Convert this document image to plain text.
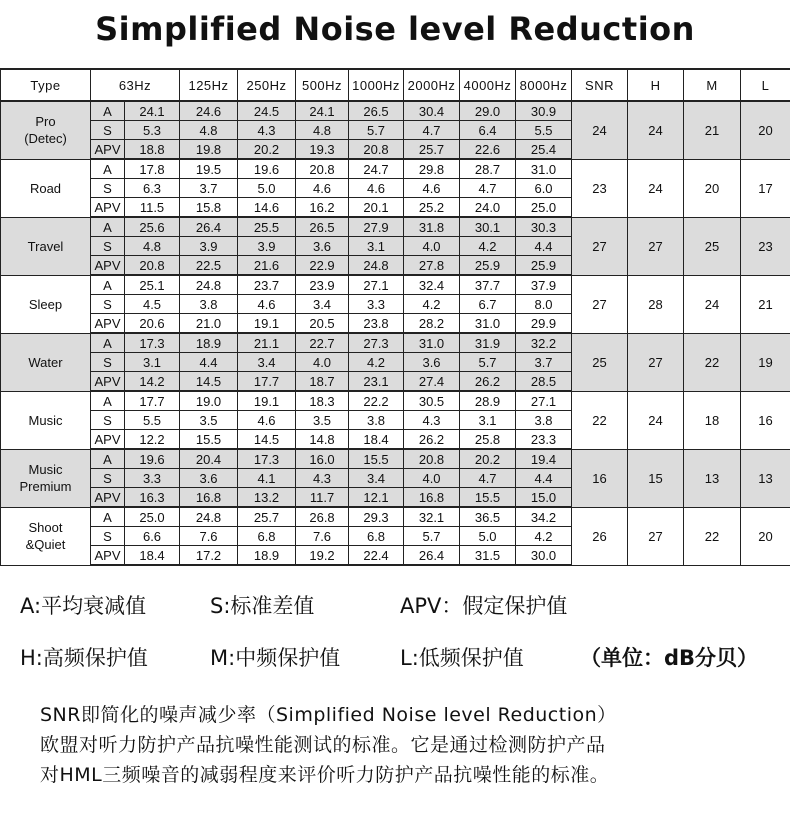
Simplified Noise level Reduction
Type	63Hz		125Hz	250Hz	500Hz	1000Hz	2000Hz	4000Hz	8000Hz	SNR	H	M	L
Pro
(Detec)	A	24.1	24.6	24.5	24.1	26.5	30.4	29.0	30.9	24	24	21	20
	S	5.3	4.8	4.3	4.8	5.7	4.7	6.4	5.5				
	APV	18.8	19.8	20.2	19.3	20.8	25.7	22.6	25.4				
Road	A	17.8	19.5	19.6	20.8	24.7	29.8	28.7	31.0	23	24	20	17
	S	6.3	3.7	5.0	4.6	4.6	4.6	4.7	6.0				
	APV	11.5	15.8	14.6	16.2	20.1	25.2	24.0	25.0				
Travel	A	25.6	26.4	25.5	26.5	27.9	31.8	30.1	30.3	27	27	25	23
	S	4.8	3.9	3.9	3.6	3.1	4.0	4.2	4.4				
	APV	20.8	22.5	21.6	22.9	24.8	27.8	25.9	25.9				
Sleep	A	25.1	24.8	23.7	23.9	27.1	32.4	37.7	37.9	27	28	24	21
	S	4.5	3.8	4.6	3.4	3.3	4.2	6.7	8.0				
	APV	20.6	21.0	19.1	20.5	23.8	28.2	31.0	29.9				
Water	A	17.3	18.9	21.1	22.7	27.3	31.0	31.9	32.2	25	27	22	19
	S	3.1	4.4	3.4	4.0	4.2	3.6	5.7	3.7				
	APV	14.2	14.5	17.7	18.7	23.1	27.4	26.2	28.5				
Music	A	17.7	19.0	19.1	18.3	22.2	30.5	28.9	27.1	22	24	18	16
	S	5.5	3.5	4.6	3.5	3.8	4.3	3.1	3.8				
	APV	12.2	15.5	14.5	14.8	18.4	26.2	25.8	23.3				
Music
Premium	A	19.6	20.4	17.3	16.0	15.5	20.8	20.2	19.4	16	15	13	13
	S	3.3	3.6	4.1	4.3	3.4	4.0	4.7	4.4				
	APV	16.3	16.8	13.2	11.7	12.1	16.8	15.5	15.0				
Shoot
&Quiet	A	25.0	24.8	25.7	26.8	29.3	32.1	36.5	34.2	26	27	22	20
	S	6.6	7.6	6.8	7.6	6.8	5.7	5.0	4.2				
	APV	18.4	17.2	18.9	19.2	22.4	26.4	31.5	30.0				
A:平均衰减值	S:标准差值	APV：假定保护值
H:高频保护值	M:中频保护值	L:低频保护值	（单位：dB分贝）
SNR即简化的噪声减少率（Simplified Noise level Reduction）
欧盟对听力防护产品抗噪性能测试的标准。它是通过检测防护产品
对HML三频噪音的减弱程度来评价听力防护产品抗噪性能的标准。
